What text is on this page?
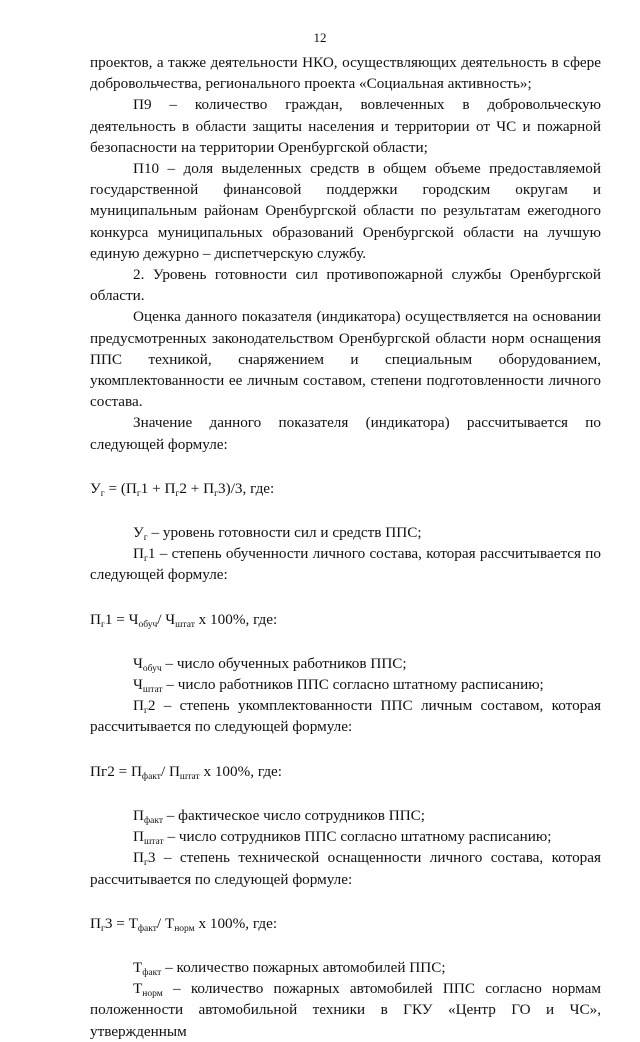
12

проектов, а также деятельности НКО, осуществляющих деятельность в сфере добровольчества, регионального проекта «Социальная активность»;

П9 – количество граждан, вовлеченных в добровольческую деятельность в области защиты населения и территории от ЧС и пожарной безопасности на территории Оренбургской области;

П10 – доля выделенных средств в общем объеме предоставляемой государственной финансовой поддержки городским округам и муниципальным районам Оренбургской области по результатам ежегодного конкурса муниципальных образований Оренбургской области на лучшую единую дежурно – диспетчерскую службу.

2. Уровень готовности сил противопожарной службы Оренбургской области.

Оценка данного показателя (индикатора) осуществляется на основании предусмотренных законодательством Оренбургской области норм оснащения ППС техникой, снаряжением и специальным оборудованием, укомплектованности ее личным составом, степени подготовленности личного состава.

Значение данного показателя (индикатора) рассчитывается по следующей формуле:

$У_г = (П_г1 + П_г2 + П_г3)/3$, где:

$У_г$ – уровень готовности сил и средств ППС;

$П_г1$ – степень обученности личного состава, которая рассчитывается по следующей формуле:

$П_г1 = Ч_{обуч}/$ $Ч_{штат}$ х 100%, где:

$Ч_{обуч}$ – число обученных работников ППС;

$Ч_{штат}$ – число работников ППС согласно штатному расписанию;

$П_г2$ – степень укомплектованности ППС личным составом, которая рассчитывается по следующей формуле:

$Пг2 = П_{факт}/$ $П_{штат}$ х 100%, где:

$П_{факт}$ – фактическое число сотрудников ППС;

$П_{штат}$ – число сотрудников ППС согласно штатному расписанию;

$П_г3$ – степень технической оснащенности личного состава, которая рассчитывается по следующей формуле:

$П_г3 = Т_{факт}/$ $Т_{норм}$ х 100%, где:

$Т_{факт}$ – количество пожарных автомобилей ППС;

$Т_{норм}$ – количество пожарных автомобилей ППС согласно нормам положенности автомобильной техники в ГКУ «Центр ГО и ЧС», утвержденным
